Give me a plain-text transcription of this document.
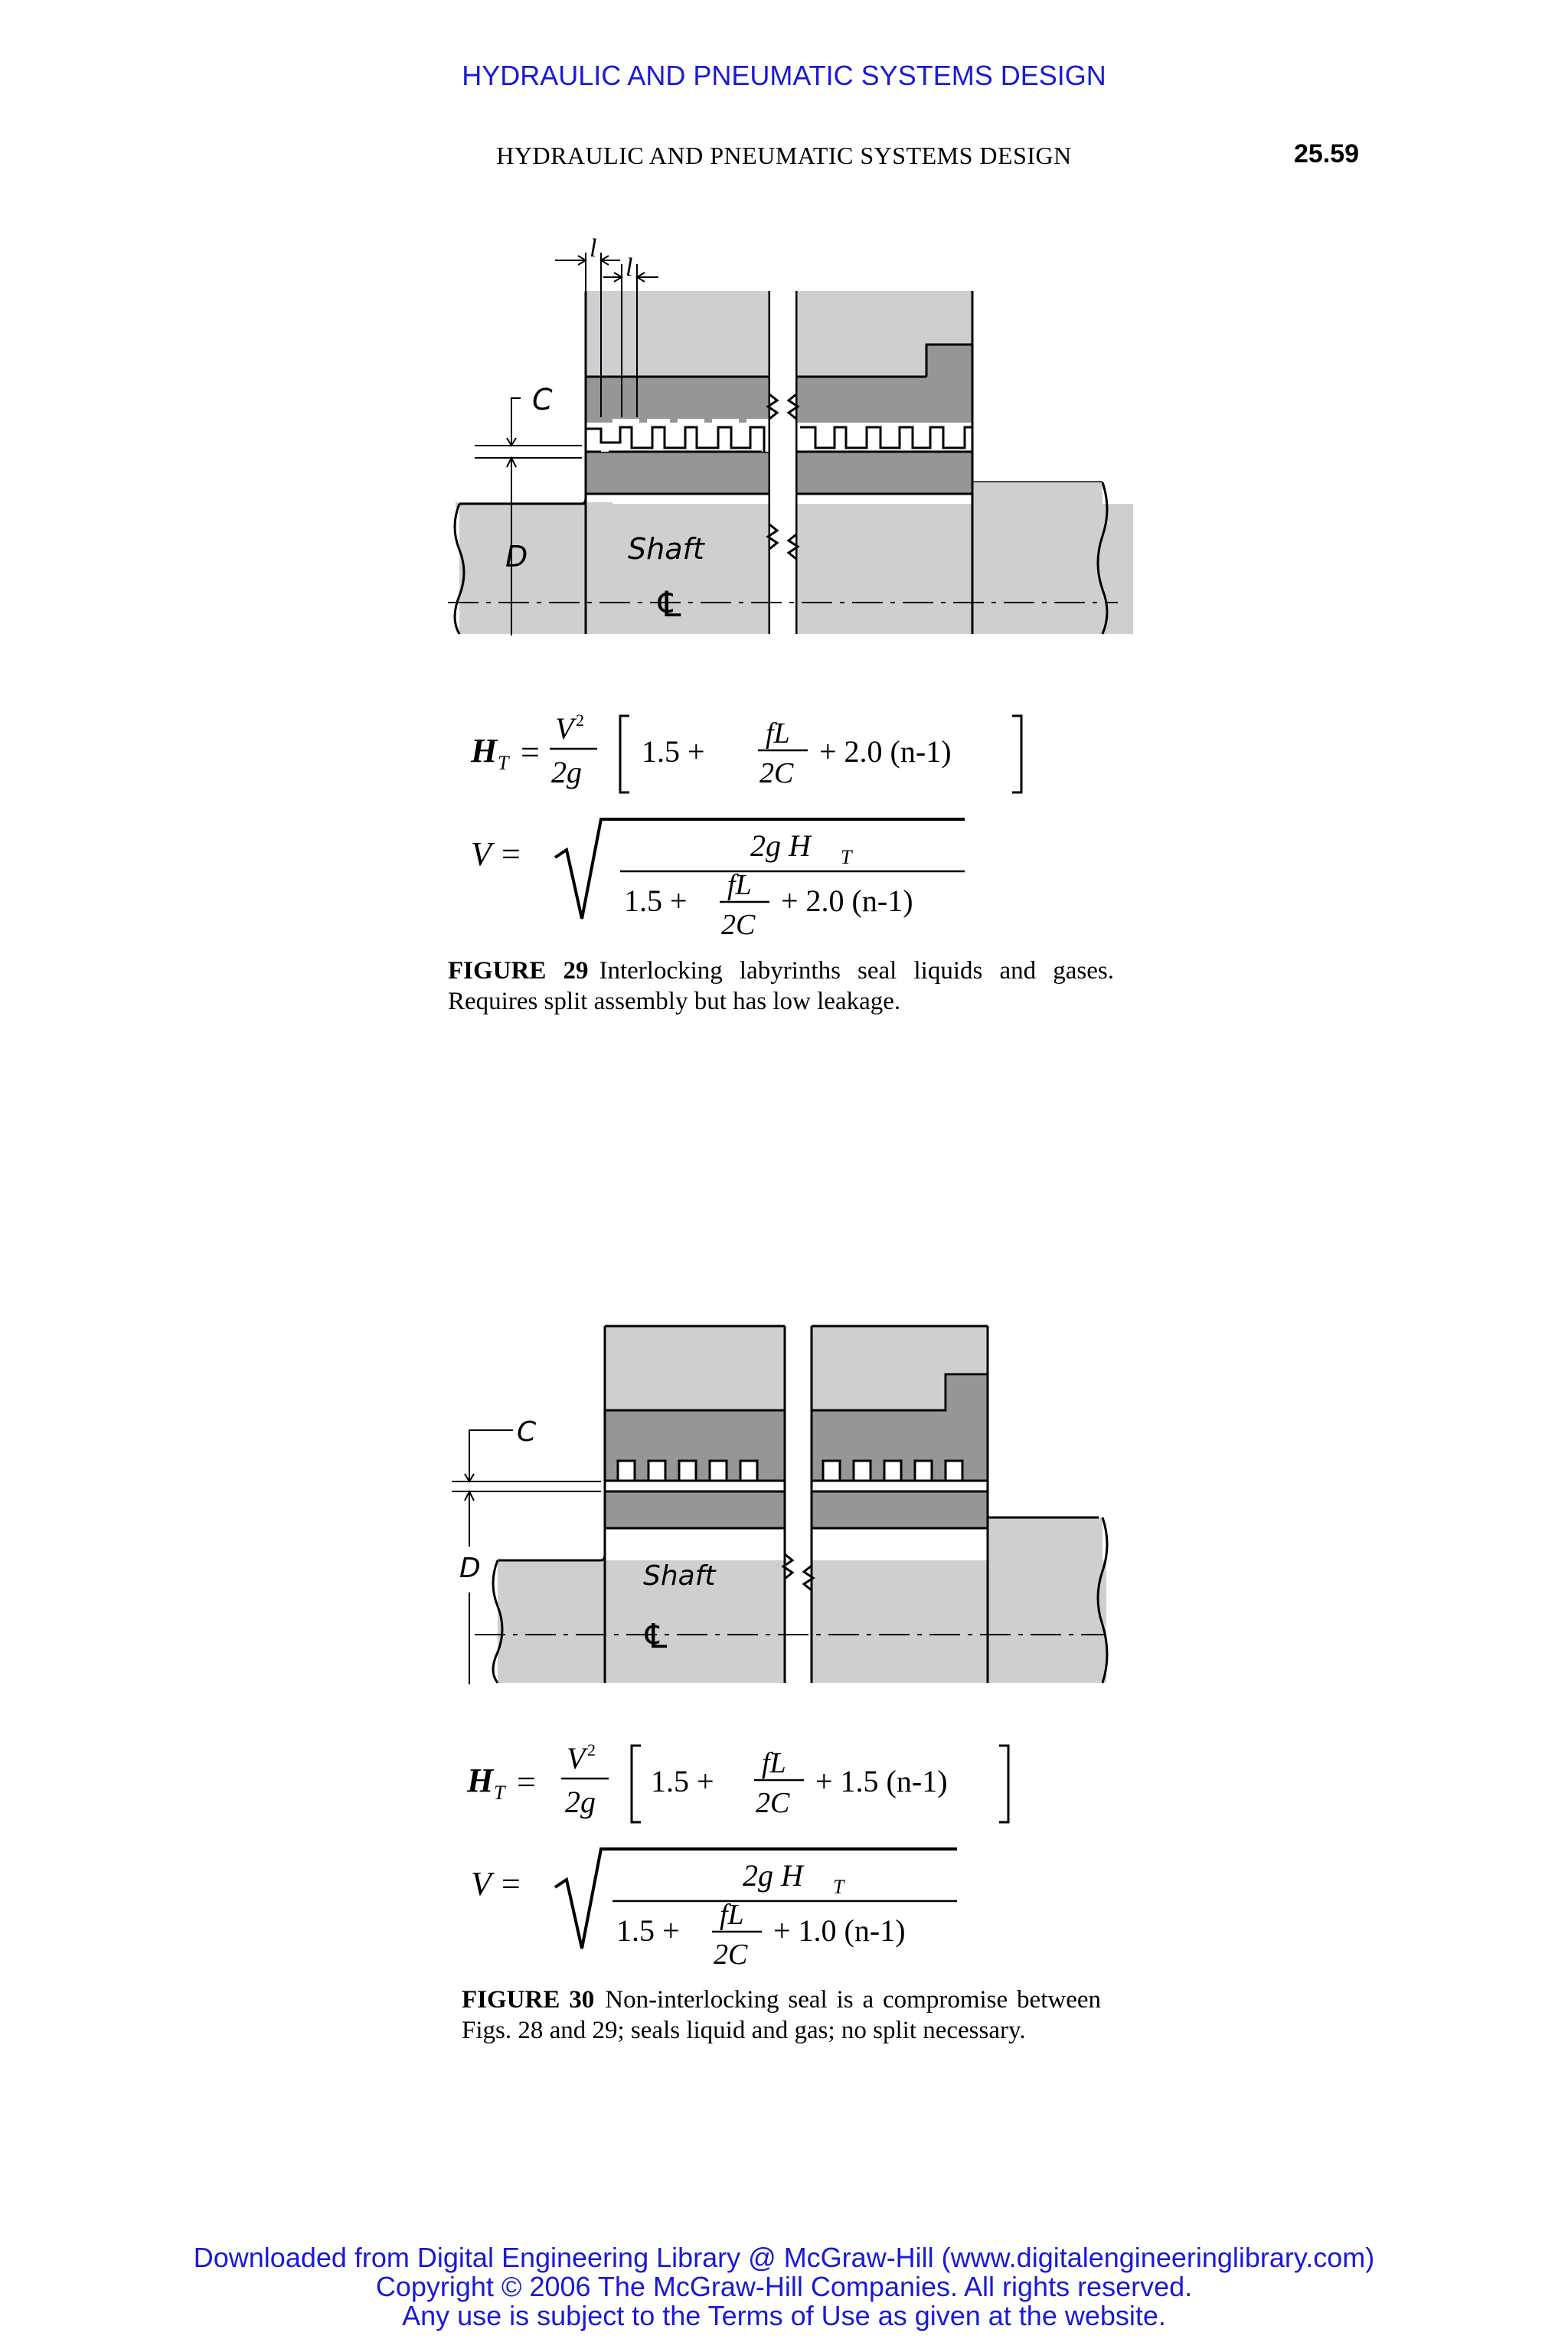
HYDRAULIC AND PNEUMATIC SYSTEMS DESIGN
HYDRAULIC AND PNEUMATIC SYSTEMS DESIGN	25.59
℄
Shaft
C
D
l
l
H T =
V 2
2g
1.5 +
fL
2C
+ 2.0 (n-1)
V =	2g H T
1.5 + fL
2C
+ 2.0 (n-1)
FIGURE 29 Interlocking labyrinths seal liquids and gases. Requires split assembly but has low leakage.
℄
Shaft
C
D
H T =
V 2
2g
1.5 +
fL
2C
+ 1.5 (n-1)
V =	2g H T
1.5 + fL
2C
+ 1.0 (n-1)
FIGURE 30 Non-interlocking seal is a compromise between Figs. 28 and 29; seals liquid and gas; no split necessary.
Downloaded from Digital Engineering Library @ McGraw-Hill (www.digitalengineeringlibrary.com)
Copyright © 2006 The McGraw-Hill Companies. All rights reserved.
Any use is subject to the Terms of Use as given at the website.
